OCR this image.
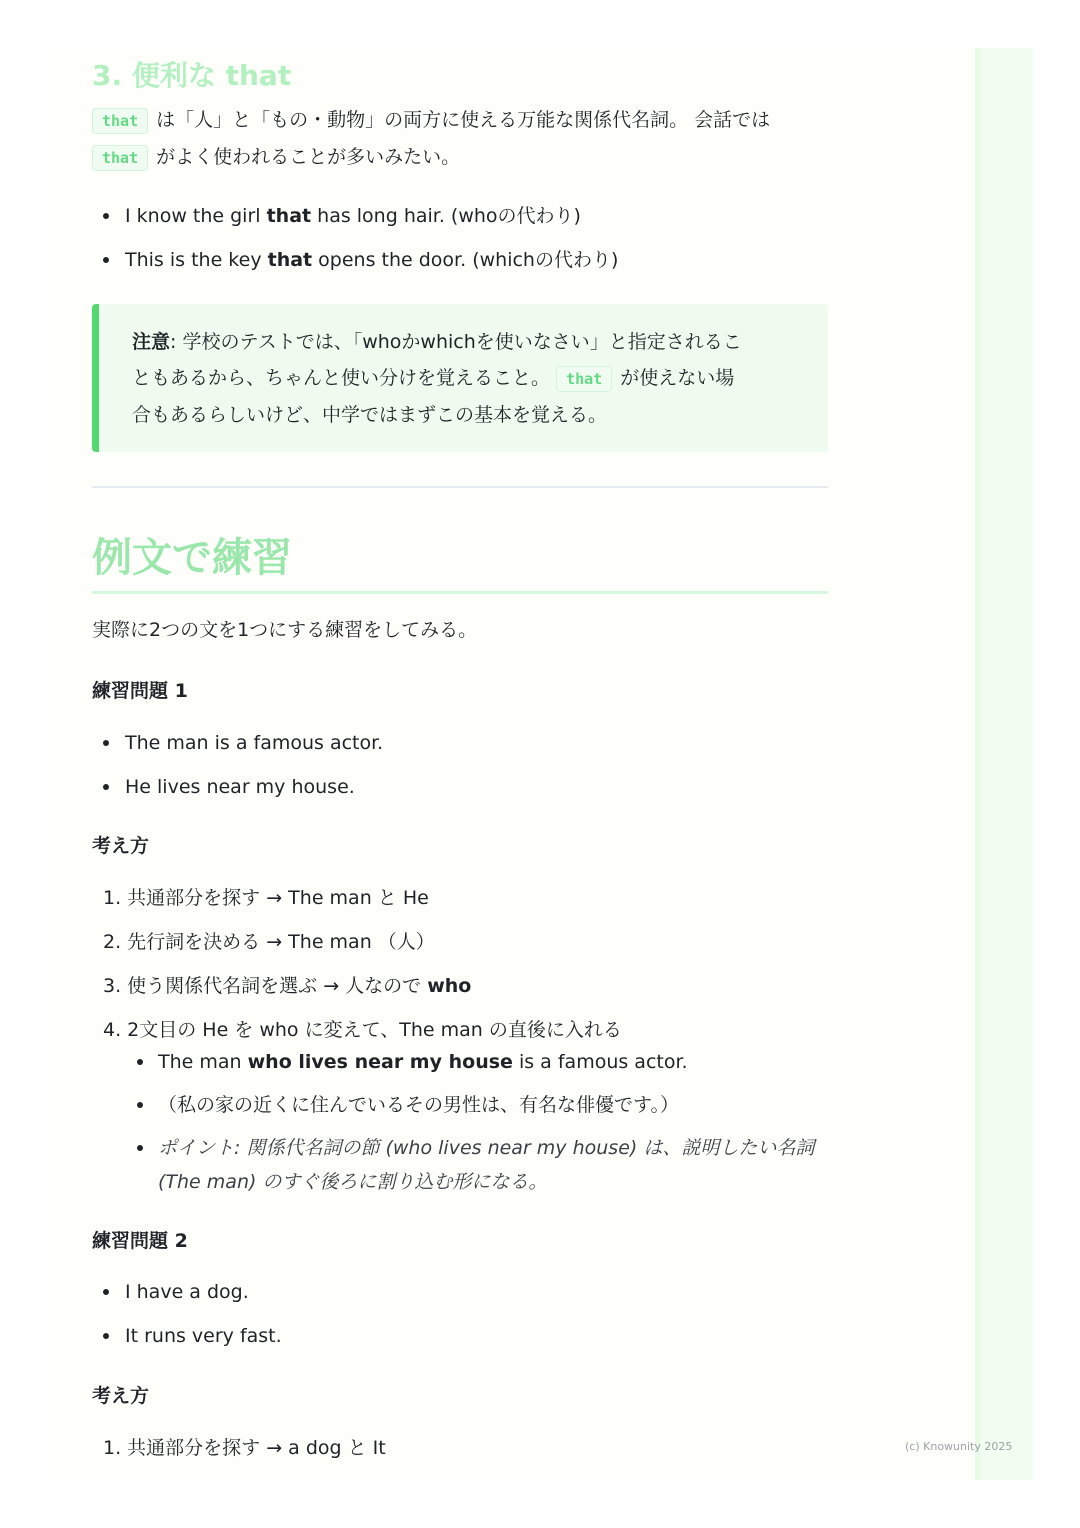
3. 便利な that
that は「人」と「もの・動物」の両方に使える万能な関係代名詞。 会話では
that がよく使われることが多いみたい。
I know the girl that has long hair. (whoの代わり)
This is the key that opens the door. (whichの代わり)
注意: 学校のテストでは、「whoかwhichを使いなさい」と指定されるこ
ともあるから、ちゃんと使い分けを覚えること。 that が使えない場
合もあるらしいけど、中学ではまずこの基本を覚える。
例文で練習
実際に2つの文を1つにする練習をしてみる。
練習問題 1
The man is a famous actor.
He lives near my house.
考え方
1. 共通部分を探す → The man と He
2. 先行詞を決める → The man （人）
3. 使う関係代名詞を選ぶ → 人なので who
4. 2文目の He を who に変えて、The man の直後に入れる
The man who lives near my house is a famous actor.
（私の家の近くに住んでいるその男性は、有名な俳優です。）
ポイント: 関係代名詞の節 (who lives near my house) は、説明したい名詞 (The man) のすぐ後ろに割り込む形になる。
練習問題 2
I have a dog.
It runs very fast.
考え方
1. 共通部分を探す → a dog と It	(c) Knowunity 2025
